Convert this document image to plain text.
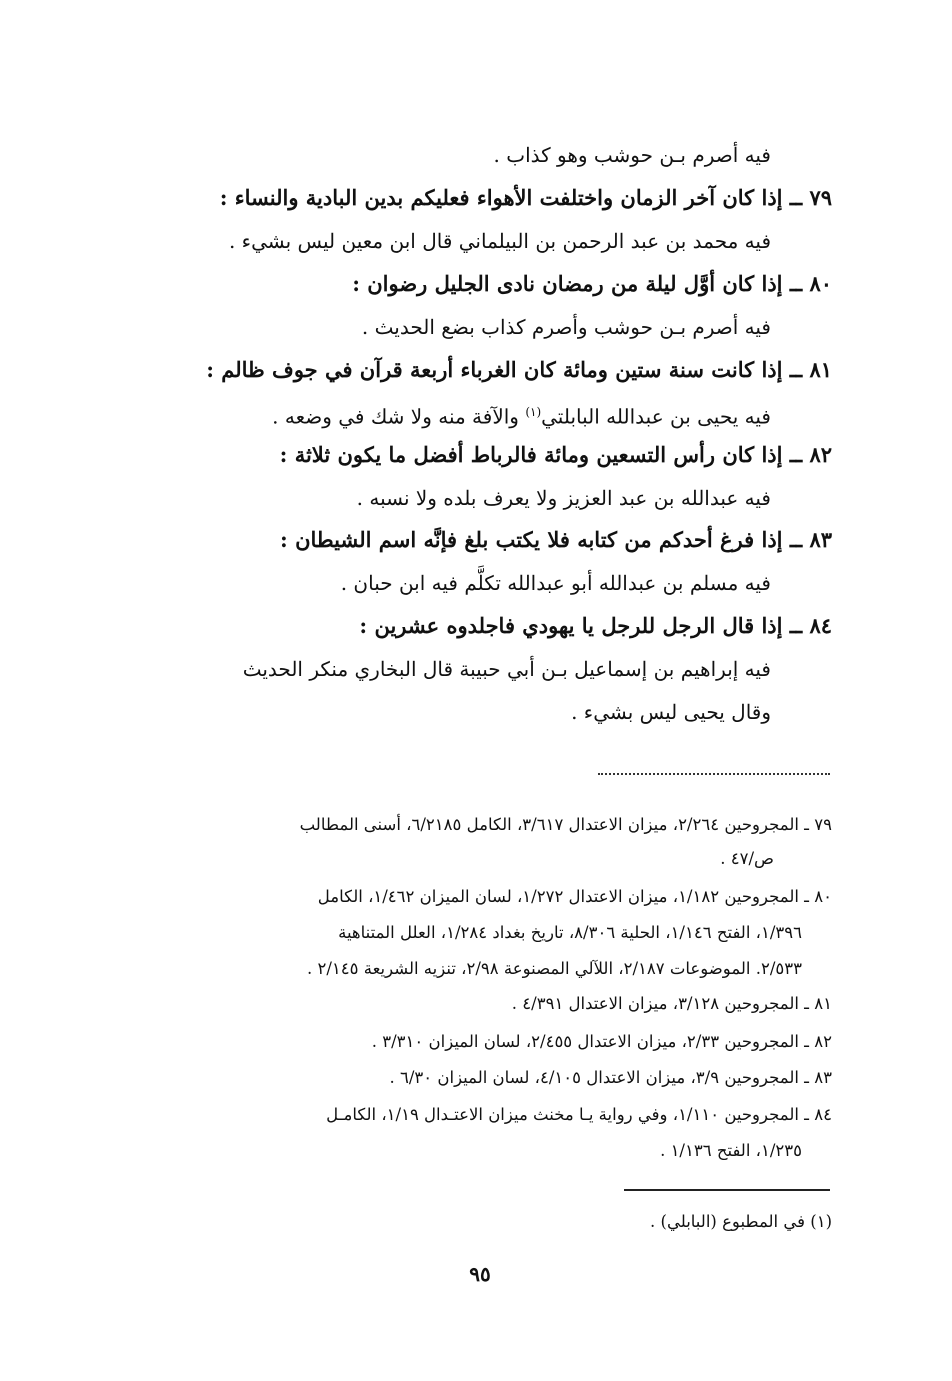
فيه أصرم بـن حوشب وهو كذاب .
٧٩ ــ إذا كان آخر الزمان واختلفت الأهواء فعليكم بدين البادية والنساء :
فيه محمد بن عبد الرحمن بن البيلماني قال ابن معين ليس بشيء .
٨٠ ــ إذا كان أوَّل ليلة من رمضان نادى الجليل رضوان :
فيه أصرم بـن حوشب وأصرم كذاب بضع الحديث .
٨١ ــ إذا كانت سنة ستين ومائة كان الغرباء أربعة قرآن في جوف ظالم :
فيه يحيى بن عبدالله البابلتي$^{(١)}$ والآفة منه ولا شك في وضعه .
٨٢ ــ إذا كان رأس التسعين ومائة فالرباط أفضل ما يكون ثلاثة :
فيه عبدالله بن عبد العزيز ولا يعرف بلده ولا نسبه .
٨٣ ــ إذا فرغ أحدكم من كتابه فلا يكتب بلغ فإنَّه اسم الشيطان :
فيه مسلم بن عبدالله أبو عبدالله تكلَّم فيه ابن حبان .
٨٤ ــ إذا قال الرجل للرجل يا يهودي فاجلدوه عشرين :
فيه إبراهيم بن إسماعيل بـن أبي حبيبة قال البخاري منكر الحديث
وقال يحيى ليس بشيء .
٧٩ ـ المجروحين ٢/٢٦٤، ميزان الاعتدال ٣/٦١٧، الكامل ٦/٢١٨٥، أسنى المطالب
ص/٤٧ .
٨٠ ـ المجروحين ١/١٨٢، ميزان الاعتدال ١/٢٧٢، لسان الميزان ١/٤٦٢، الكامل
١/٣٩٦، الفتح ١/١٤٦، الحلية ٨/٣٠٦، تاريخ بغداد ١/٢٨٤، العلل المتناهية
٢/٥٣٣. الموضوعات ٢/١٨٧، اللآلي المصنوعة ٢/٩٨، تنزيه الشريعة ٢/١٤٥ .
٨١ ـ المجروحين ٣/١٢٨، ميزان الاعتدال ٤/٣٩١ .
٨٢ ـ المجروحين ٢/٣٣، ميزان الاعتدال ٢/٤٥٥، لسان الميزان ٣/٣١٠ .
٨٣ ـ المجروحين ٣/٩، ميزان الاعتدال ٤/١٠٥، لسان الميزان ٦/٣٠ .
٨٤ ـ المجروحين ١/١١٠، وفي رواية يـا مخنث ميزان الاعتـدال ١/١٩، الكامـل
١/٢٣٥، الفتح ١/١٣٦ .
(١) في المطبوع (البابلي) .
٩٥
